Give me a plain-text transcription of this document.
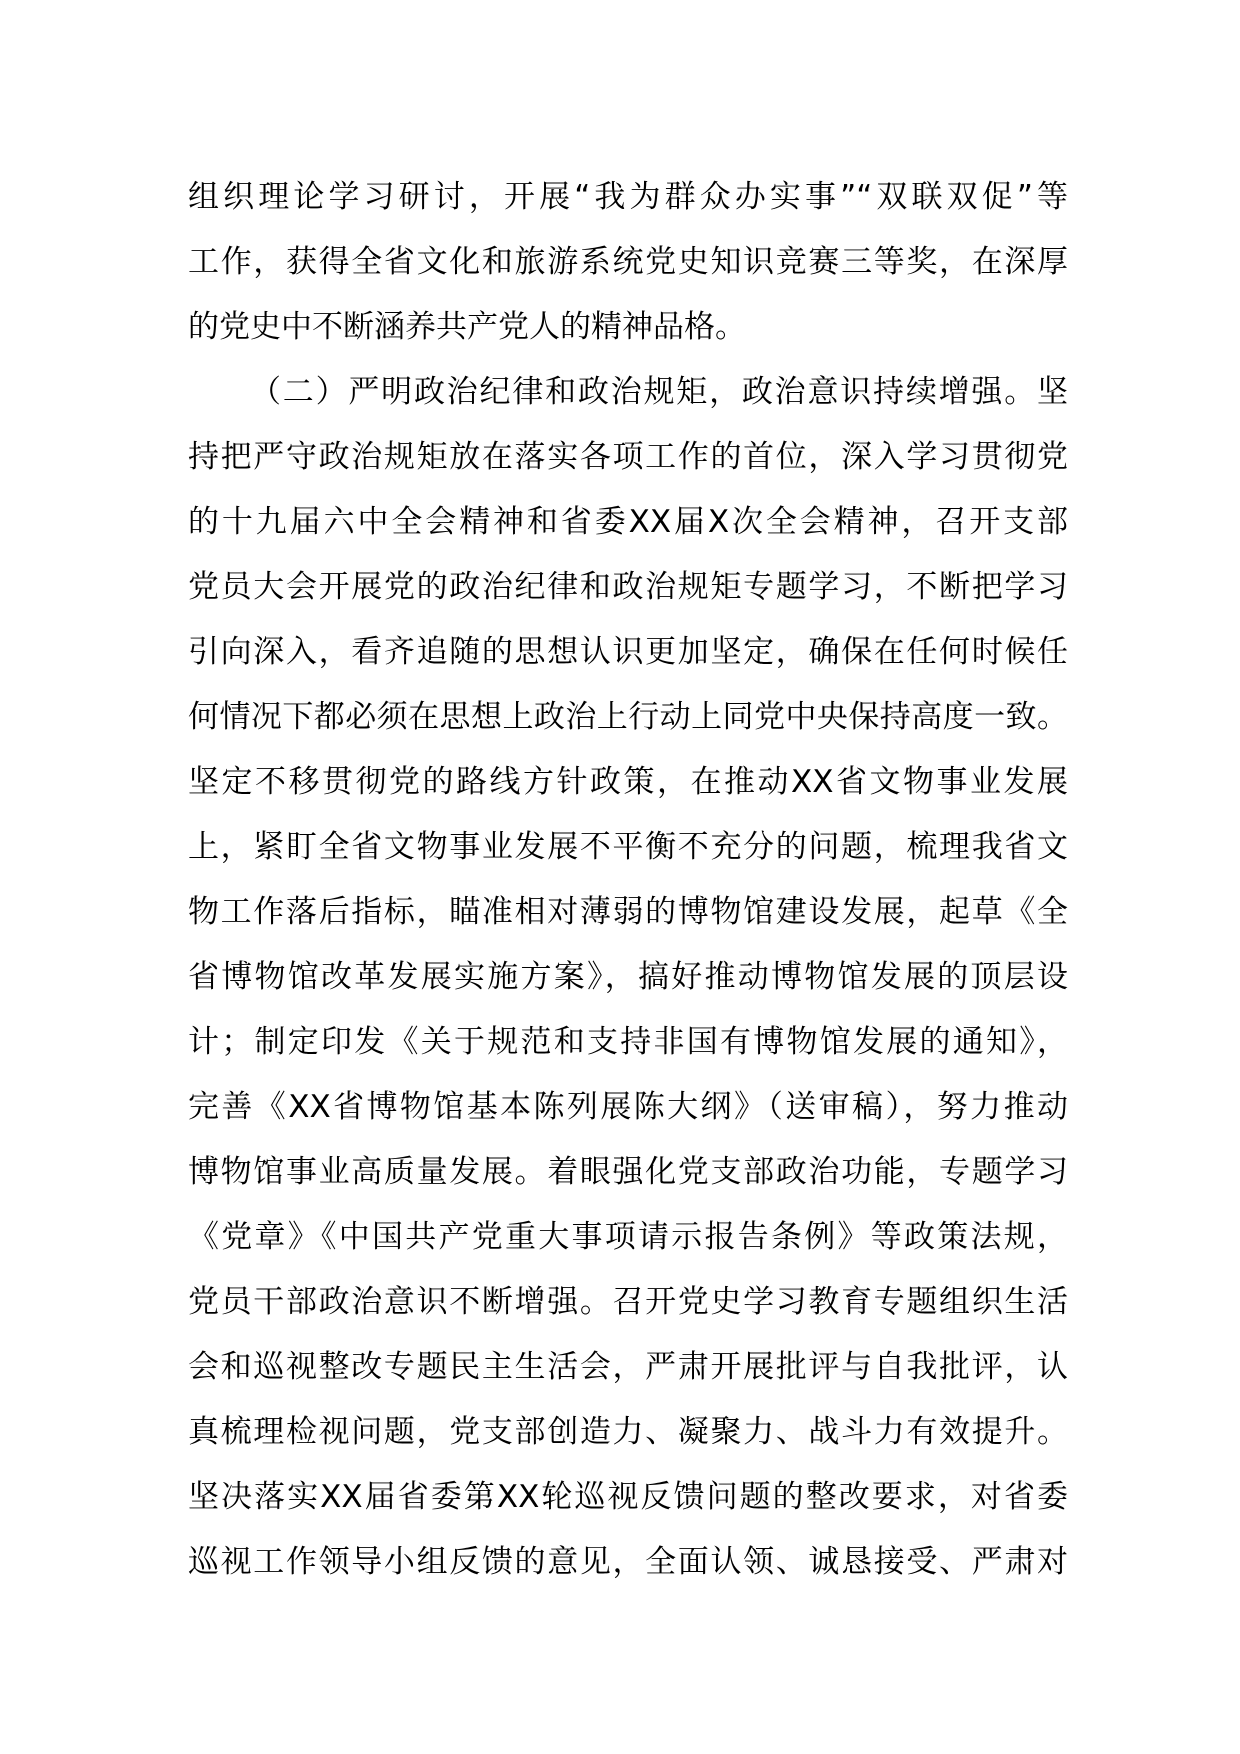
组织理论学习研讨，开展“我为群众办实事”“双联双促”等
工作，获得全省文化和旅游系统党史知识竞赛三等奖，在深厚
的党史中不断涵养共产党人的精神品格。
（二）严明政治纪律和政治规矩，政治意识持续增强。坚
持把严守政治规矩放在落实各项工作的首位，深入学习贯彻党
的十九届六中全会精神和省委XX届X次全会精神，召开支部
党员大会开展党的政治纪律和政治规矩专题学习，不断把学习
引向深入，看齐追随的思想认识更加坚定，确保在任何时候任
何情况下都必须在思想上政治上行动上同党中央保持高度一致。
坚定不移贯彻党的路线方针政策，在推动XX省文物事业发展
上，紧盯全省文物事业发展不平衡不充分的问题，梳理我省文
物工作落后指标，瞄准相对薄弱的博物馆建设发展，起草《全
省博物馆改革发展实施方案》，搞好推动博物馆发展的顶层设
计；制定印发《关于规范和支持非国有博物馆发展的通知》，
完善《XX省博物馆基本陈列展陈大纲》（送审稿），努力推动
博物馆事业高质量发展。着眼强化党支部政治功能，专题学习
《党章》《中国共产党重大事项请示报告条例》等政策法规，
党员干部政治意识不断增强。召开党史学习教育专题组织生活
会和巡视整改专题民主生活会，严肃开展批评与自我批评，认
真梳理检视问题，党支部创造力、凝聚力、战斗力有效提升。
坚决落实XX届省委第XX轮巡视反馈问题的整改要求，对省委
巡视工作领导小组反馈的意见，全面认领、诚恳接受、严肃对
